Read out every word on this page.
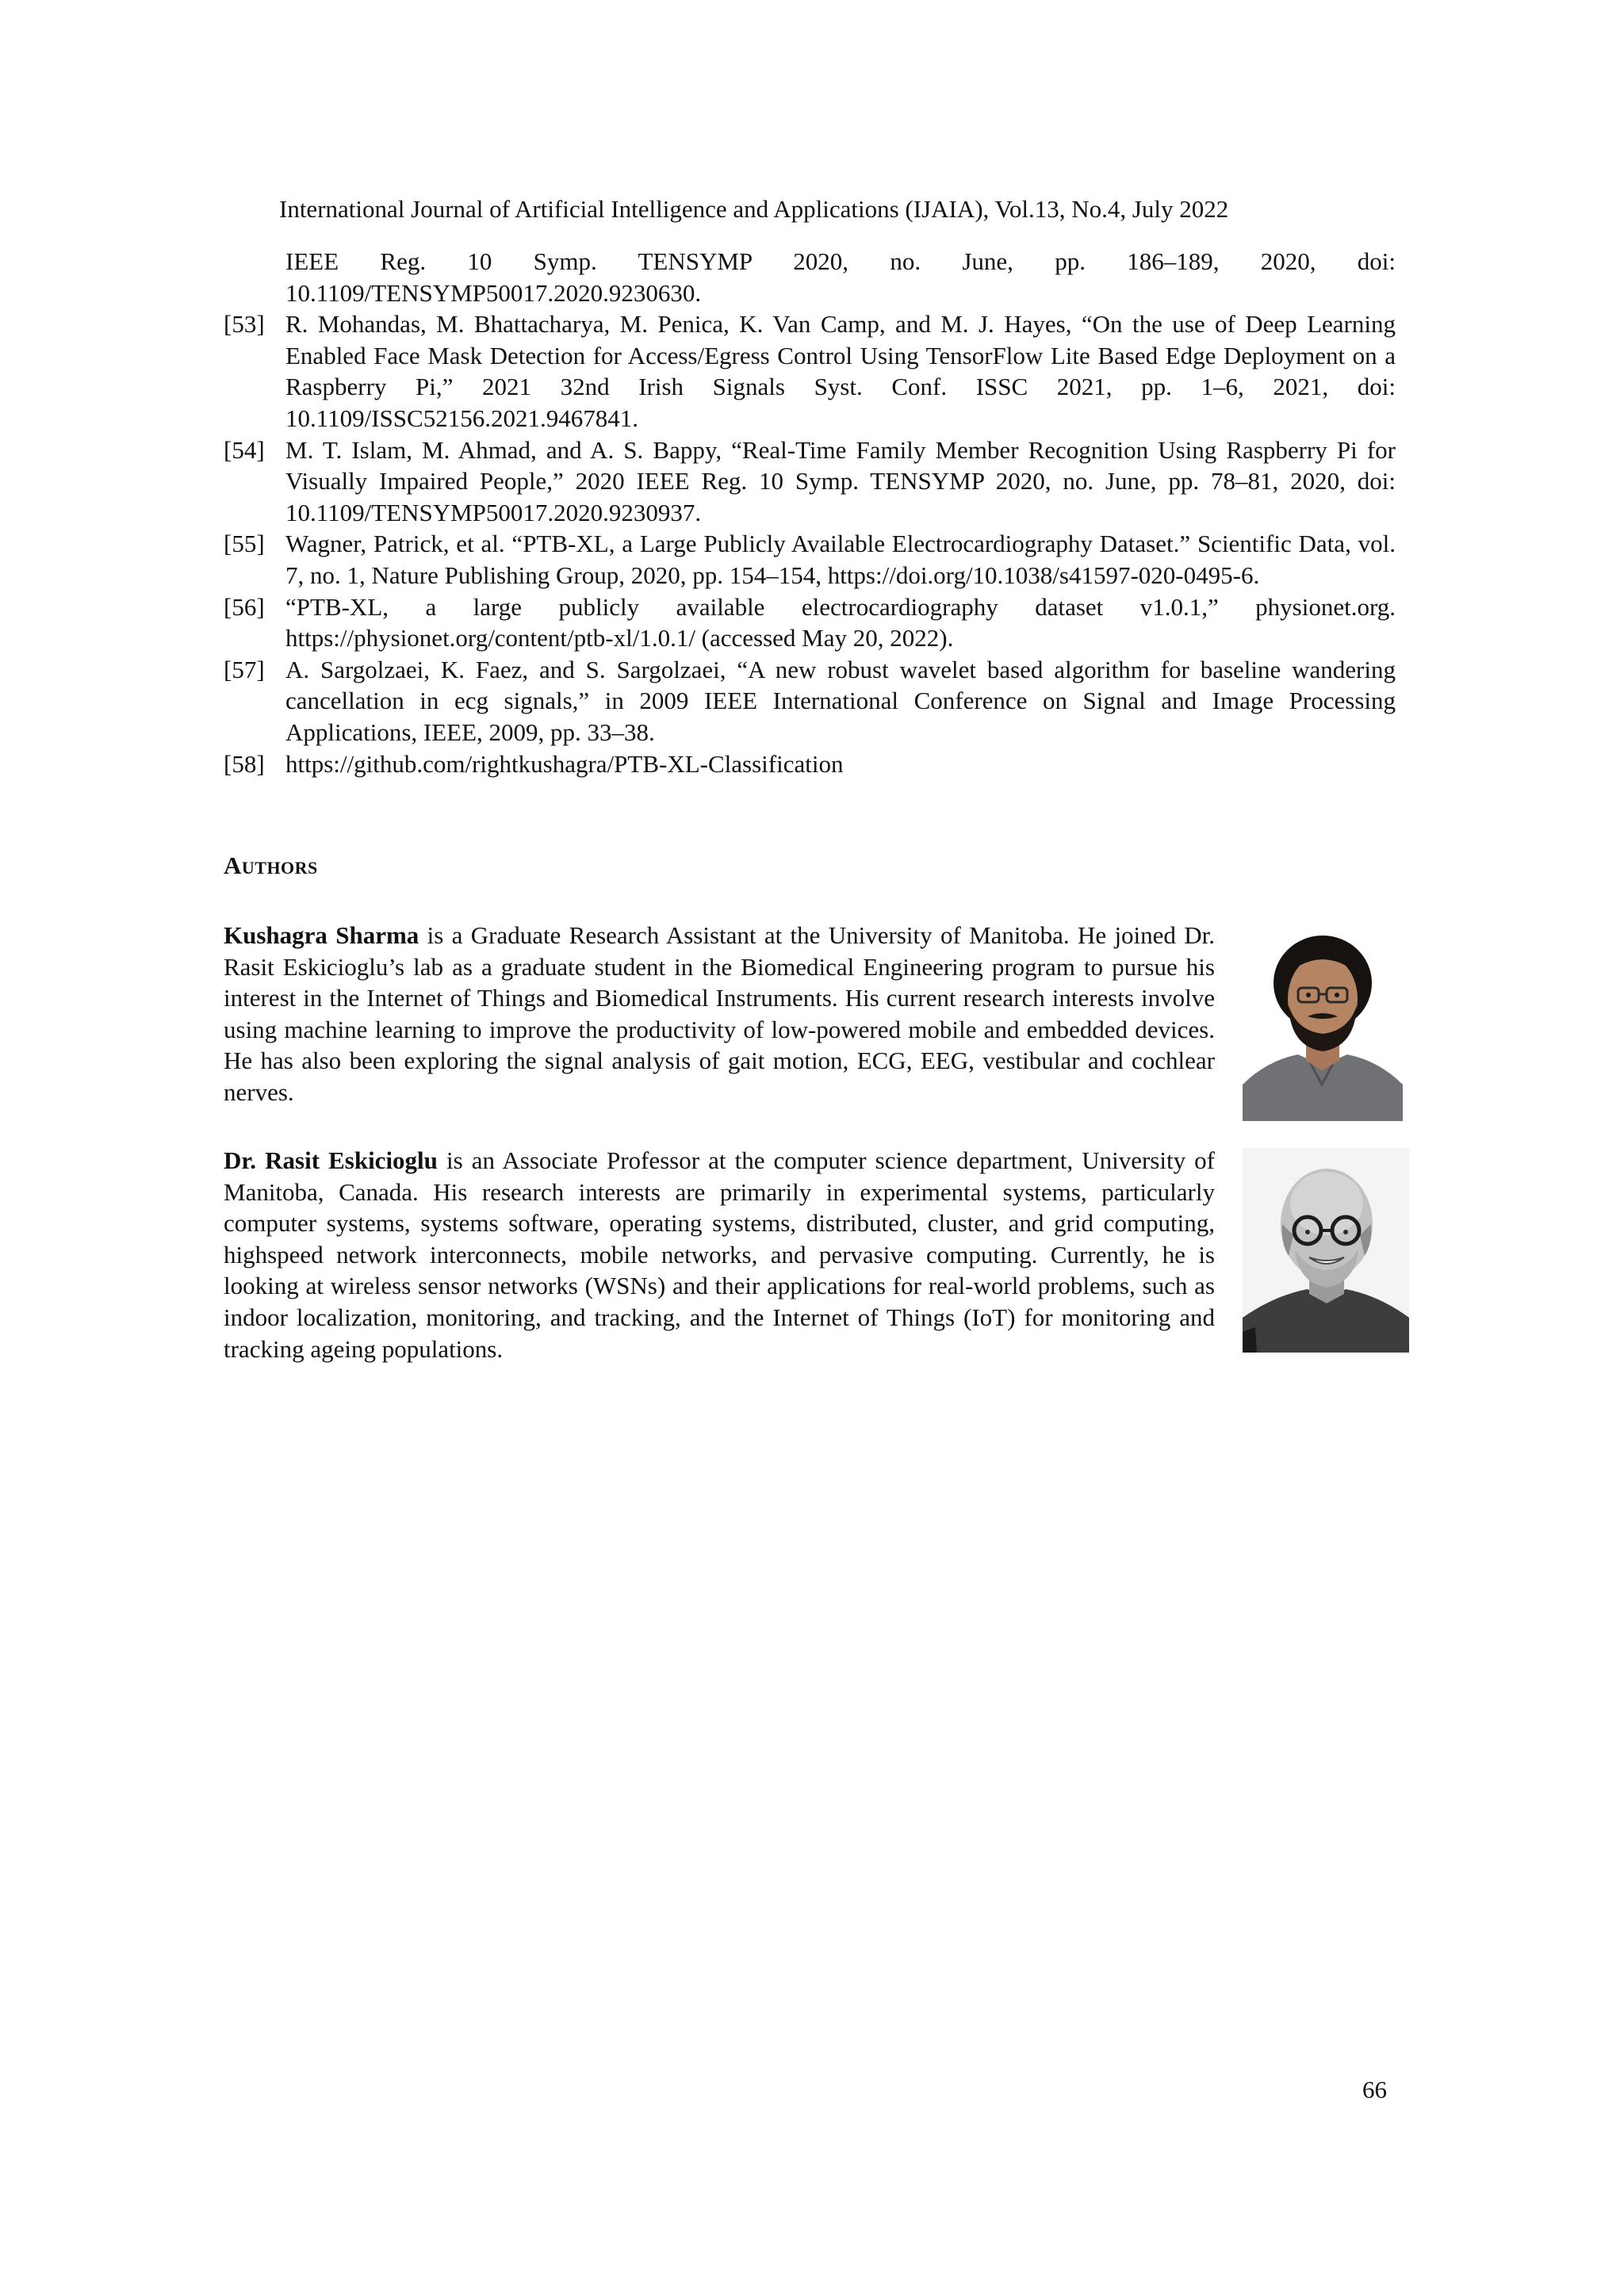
International Journal of Artificial Intelligence and Applications (IJAIA), Vol.13, No.4, July 2022
IEEE Reg. 10 Symp. TENSYMP 2020, no. June, pp. 186–189, 2020, doi: 10.1109/TENSYMP50017.2020.9230630.
[53] R. Mohandas, M. Bhattacharya, M. Penica, K. Van Camp, and M. J. Hayes, “On the use of Deep Learning Enabled Face Mask Detection for Access/Egress Control Using TensorFlow Lite Based Edge Deployment on a Raspberry Pi,” 2021 32nd Irish Signals Syst. Conf. ISSC 2021, pp. 1–6, 2021, doi: 10.1109/ISSC52156.2021.9467841.
[54] M. T. Islam, M. Ahmad, and A. S. Bappy, “Real-Time Family Member Recognition Using Raspberry Pi for Visually Impaired People,” 2020 IEEE Reg. 10 Symp. TENSYMP 2020, no. June, pp. 78–81, 2020, doi: 10.1109/TENSYMP50017.2020.9230937.
[55] Wagner, Patrick, et al. “PTB-XL, a Large Publicly Available Electrocardiography Dataset.” Scientific Data, vol. 7, no. 1, Nature Publishing Group, 2020, pp. 154–154, https://doi.org/10.1038/s41597-020-0495-6.
[56] “PTB-XL, a large publicly available electrocardiography dataset v1.0.1,” physionet.org. https://physionet.org/content/ptb-xl/1.0.1/ (accessed May 20, 2022).
[57] A. Sargolzaei, K. Faez, and S. Sargolzaei, “A new robust wavelet based algorithm for baseline wandering cancellation in ecg signals,” in 2009 IEEE International Conference on Signal and Image Processing Applications, IEEE, 2009, pp. 33–38.
[58] https://github.com/rightkushagra/PTB-XL-Classification
Authors
Kushagra Sharma is a Graduate Research Assistant at the University of Manitoba. He joined Dr. Rasit Eskicioglu’s lab as a graduate student in the Biomedical Engineering program to pursue his interest in the Internet of Things and Biomedical Instruments. His current research interests involve using machine learning to improve the productivity of low-powered mobile and embedded devices. He has also been exploring the signal analysis of gait motion, ECG, EEG, vestibular and cochlear nerves.
Dr. Rasit Eskicioglu is an Associate Professor at the computer science department, University of Manitoba, Canada. His research interests are primarily in experimental systems, particularly computer systems, systems software, operating systems, distributed, cluster, and grid computing, highspeed network interconnects, mobile networks, and pervasive computing. Currently, he is looking at wireless sensor networks (WSNs) and their applications for real-world problems, such as indoor localization, monitoring, and tracking, and the Internet of Things (IoT) for monitoring and tracking ageing populations.
66
